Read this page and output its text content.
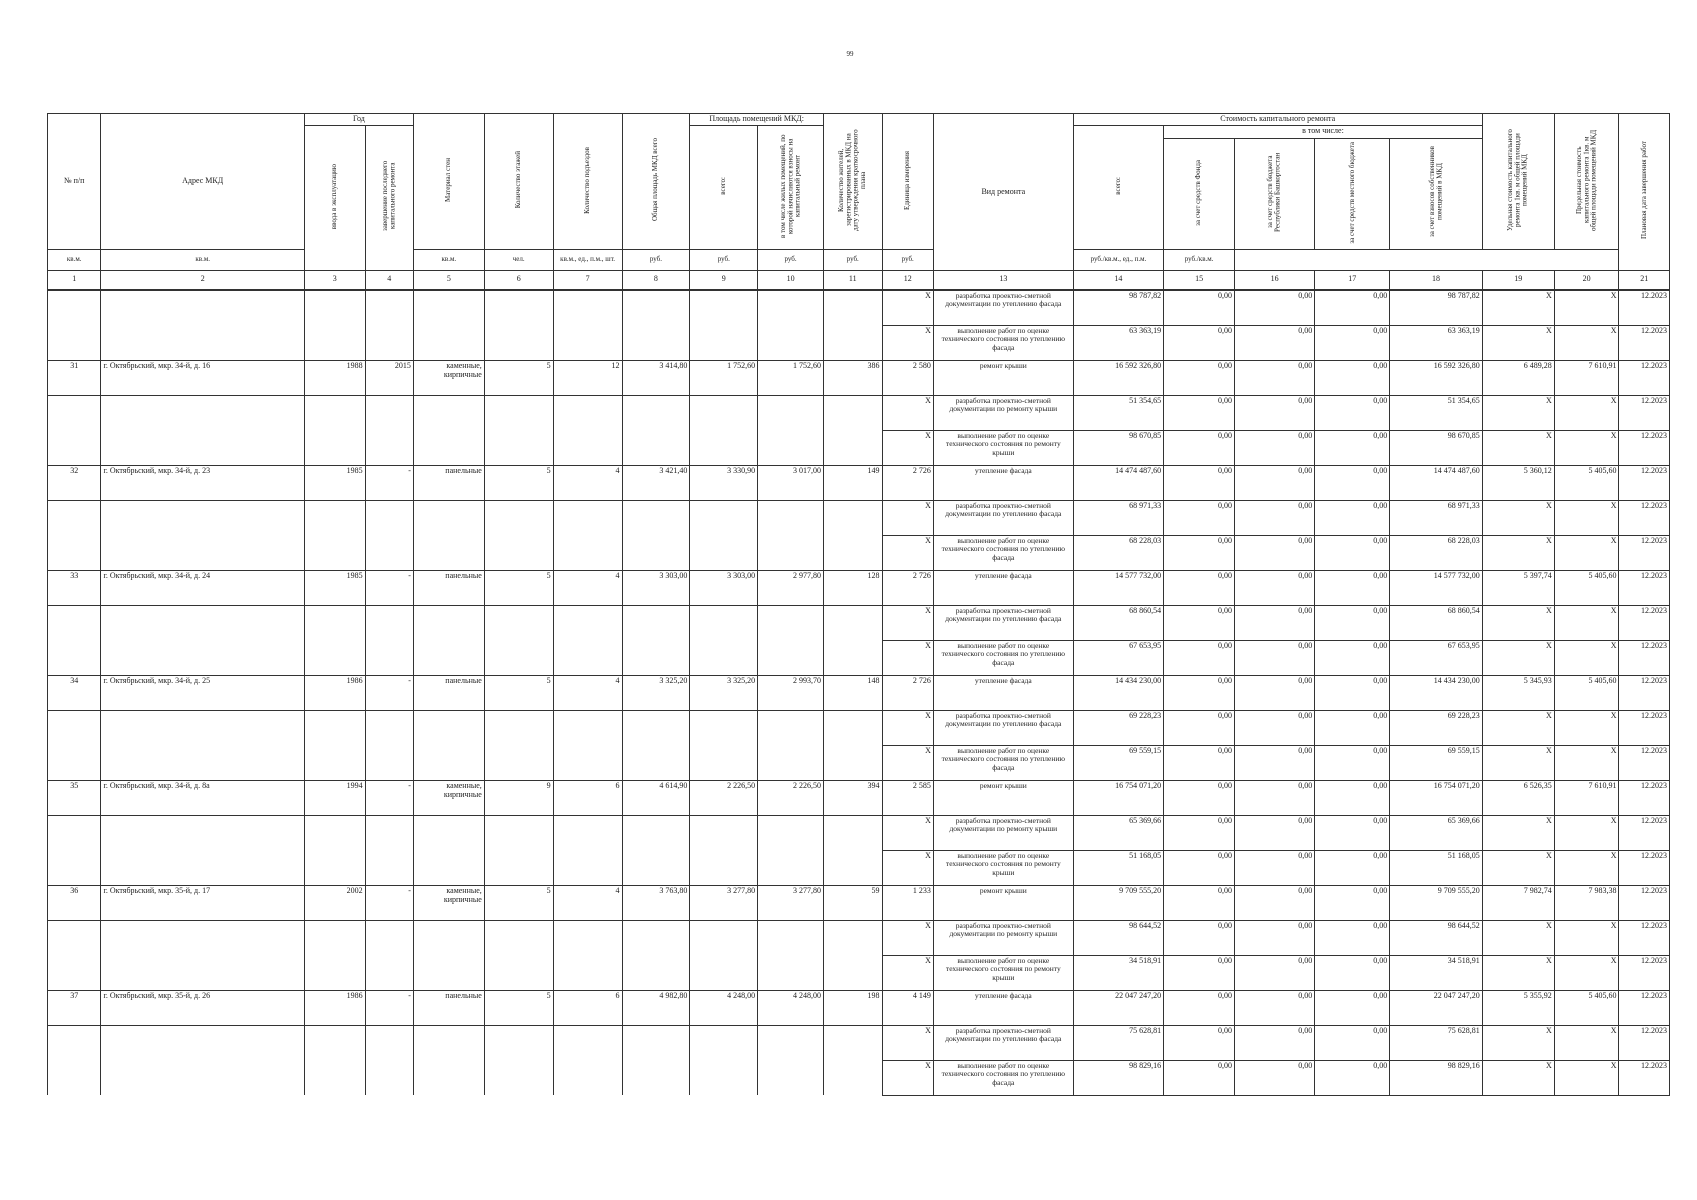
99
№ п/п	Адрес МКД	Год		Материал стен	Количество этажей	Количество подъездов	Общая площадь МКД всего	Площадь помещений МКД:		Количество жителей, зарегистрированных в МКД на дату утверждения краткосрочного плана	Единица измерения	Вид ремонта	Стоимость капитального ремонта					Удельная стоимость капитального ремонта 1кв. м общей площади помещений МКД	Предельная стоимость капитального ремонта 1кв. м общей площади помещений МКД	Плановая дата завершения работ
		ввода в эксплуатацию	завершение последнего капитального ремонта					всего:	в том числе жилых помещений, по которой начисляются взносы на капитальный ремонт				всего:	в том числе:						
														за счет средств Фонда	за счет средств бюджета Республики Башкортостан	за счет средств местного бюджета	за счет взносов собственников помещений в МКД			
кв.м.	кв.м.			кв.м.	чел.	кв.м., ед., п.м., шт.	руб.	руб.	руб.	руб.	руб.		руб./кв.м., ед., п.м.	руб./кв.м.						
1	2	3	4	5	6	7	8	9	10	11	12	13	14	15	16	17	18	19	20	21
											X	разработка проектно-сметной документации по утеплению фасада	98 787,82	0,00	0,00	0,00	98 787,82	X	X	12.2023
											X	выполнение работ по оценке технического состояния по утеплению фасада	63 363,19	0,00	0,00	0,00	63 363,19	X	X	12.2023
31	г. Октябрьский, мкр. 34-й, д. 16	1988	2015	каменные, кирпичные	5	12	3 414,80	1 752,60	1 752,60	386	2 580	ремонт крыши	16 592 326,80	0,00	0,00	0,00	16 592 326,80	6 489,28	7 610,91	12.2023
											X	разработка проектно-сметной документации по ремонту крыши	51 354,65	0,00	0,00	0,00	51 354,65	X	X	12.2023
											X	выполнение работ по оценке технического состояния по ремонту крыши	98 670,85	0,00	0,00	0,00	98 670,85	X	X	12.2023
32	г. Октябрьский, мкр. 34-й, д. 23	1985	-	панельные	5	4	3 421,40	3 330,90	3 017,00	149	2 726	утепление фасада	14 474 487,60	0,00	0,00	0,00	14 474 487,60	5 360,12	5 405,60	12.2023
											X	разработка проектно-сметной документации по утеплению фасада	68 971,33	0,00	0,00	0,00	68 971,33	X	X	12.2023
											X	выполнение работ по оценке технического состояния по утеплению фасада	68 228,03	0,00	0,00	0,00	68 228,03	X	X	12.2023
33	г. Октябрьский, мкр. 34-й, д. 24	1985	-	панельные	5	4	3 303,00	3 303,00	2 977,80	128	2 726	утепление фасада	14 577 732,00	0,00	0,00	0,00	14 577 732,00	5 397,74	5 405,60	12.2023
											X	разработка проектно-сметной документации по утеплению фасада	68 860,54	0,00	0,00	0,00	68 860,54	X	X	12.2023
											X	выполнение работ по оценке технического состояния по утеплению фасада	67 653,95	0,00	0,00	0,00	67 653,95	X	X	12.2023
34	г. Октябрьский, мкр. 34-й, д. 25	1986	-	панельные	5	4	3 325,20	3 325,20	2 993,70	148	2 726	утепление фасада	14 434 230,00	0,00	0,00	0,00	14 434 230,00	5 345,93	5 405,60	12.2023
											X	разработка проектно-сметной документации по утеплению фасада	69 228,23	0,00	0,00	0,00	69 228,23	X	X	12.2023
											X	выполнение работ по оценке технического состояния по утеплению фасада	69 559,15	0,00	0,00	0,00	69 559,15	X	X	12.2023
35	г. Октябрьский, мкр. 34-й, д. 8а	1994	-	каменные, кирпичные	9	6	4 614,90	2 226,50	2 226,50	394	2 585	ремонт крыши	16 754 071,20	0,00	0,00	0,00	16 754 071,20	6 526,35	7 610,91	12.2023
											X	разработка проектно-сметной документации по ремонту крыши	65 369,66	0,00	0,00	0,00	65 369,66	X	X	12.2023
											X	выполнение работ по оценке технического состояния по ремонту крыши	51 168,05	0,00	0,00	0,00	51 168,05	X	X	12.2023
36	г. Октябрьский, мкр. 35-й, д. 17	2002	-	каменные, кирпичные	5	4	3 763,80	3 277,80	3 277,80	59	1 233	ремонт крыши	9 709 555,20	0,00	0,00	0,00	9 709 555,20	7 982,74	7 983,38	12.2023
											X	разработка проектно-сметной документации по ремонту крыши	98 644,52	0,00	0,00	0,00	98 644,52	X	X	12.2023
											X	выполнение работ по оценке технического состояния по ремонту крыши	34 518,91	0,00	0,00	0,00	34 518,91	X	X	12.2023
37	г. Октябрьский, мкр. 35-й, д. 26	1986	-	панельные	5	6	4 982,80	4 248,00	4 248,00	198	4 149	утепление фасада	22 047 247,20	0,00	0,00	0,00	22 047 247,20	5 355,92	5 405,60	12.2023
											X	разработка проектно-сметной документации по утеплению фасада	75 628,81	0,00	0,00	0,00	75 628,81	X	X	12.2023
											X	выполнение работ по оценке технического состояния по утеплению фасада	98 829,16	0,00	0,00	0,00	98 829,16	X	X	12.2023
